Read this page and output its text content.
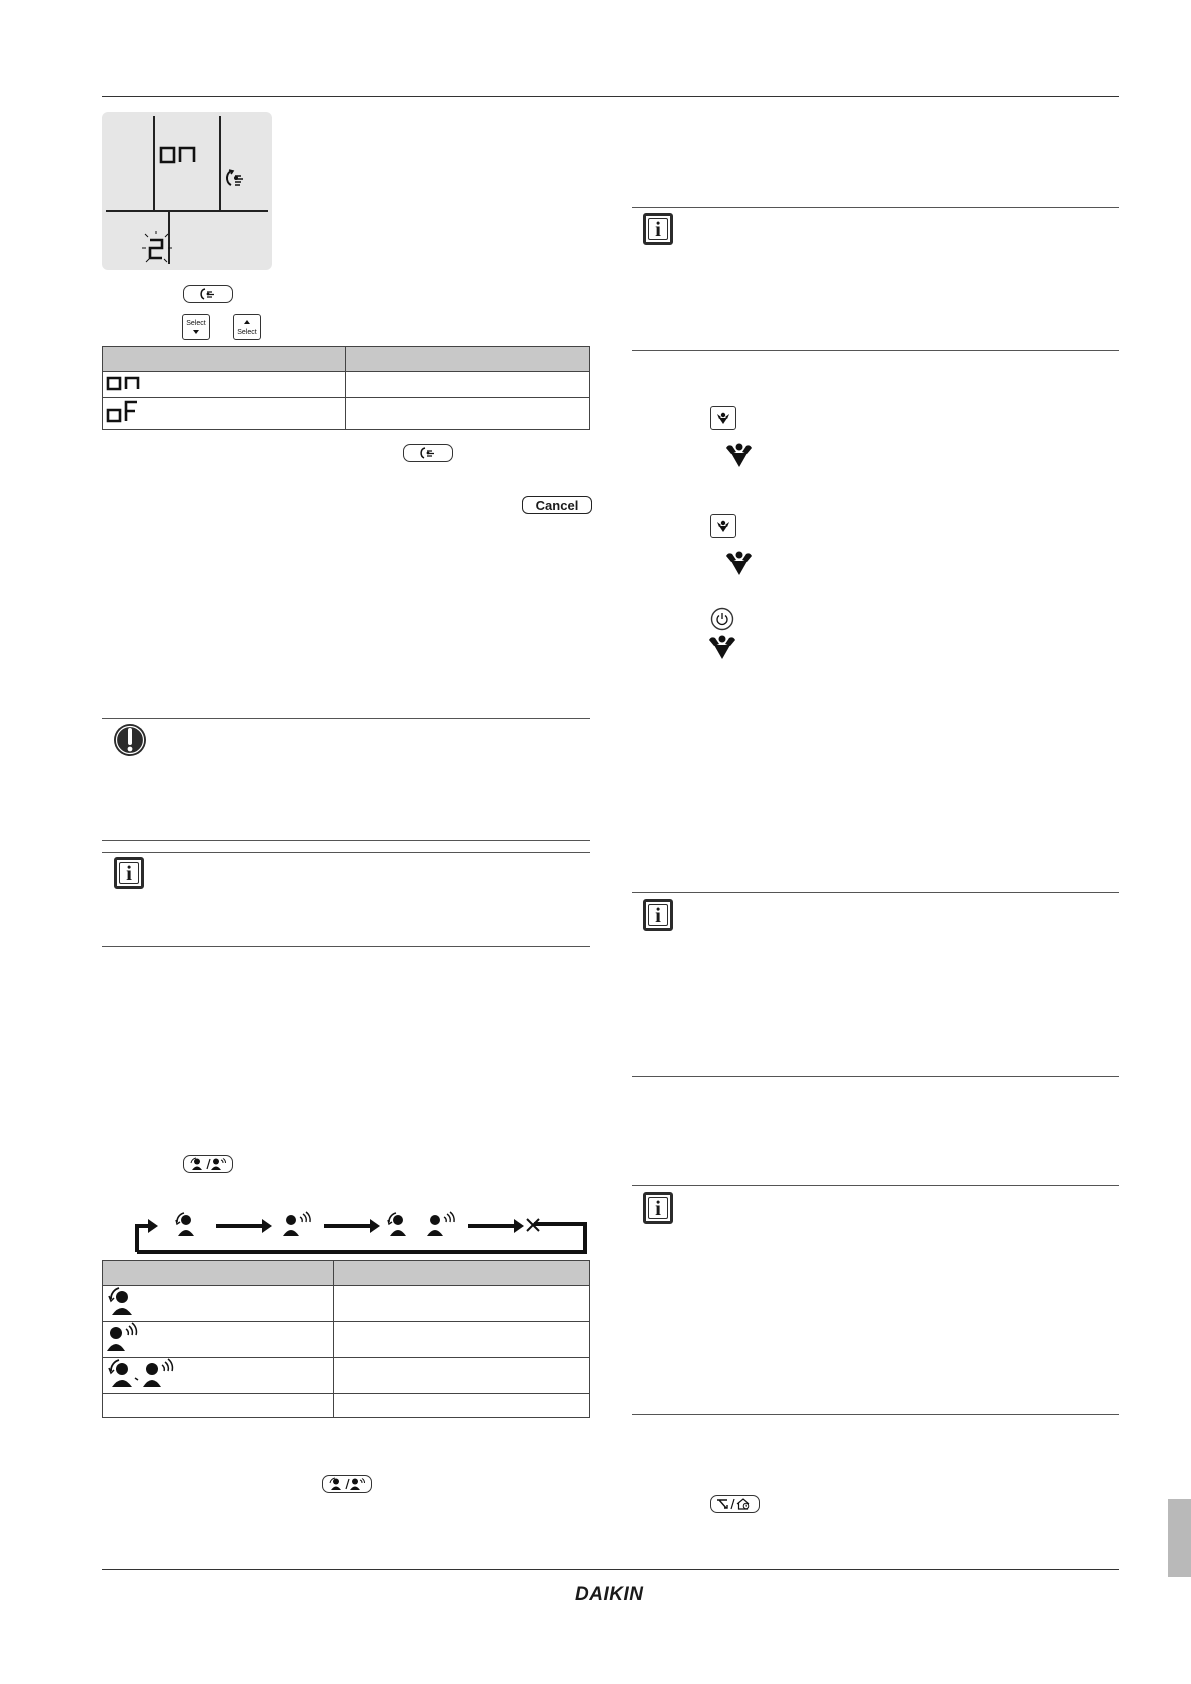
Select
Select

Cancel
i

i
i
i
DAIKIN
